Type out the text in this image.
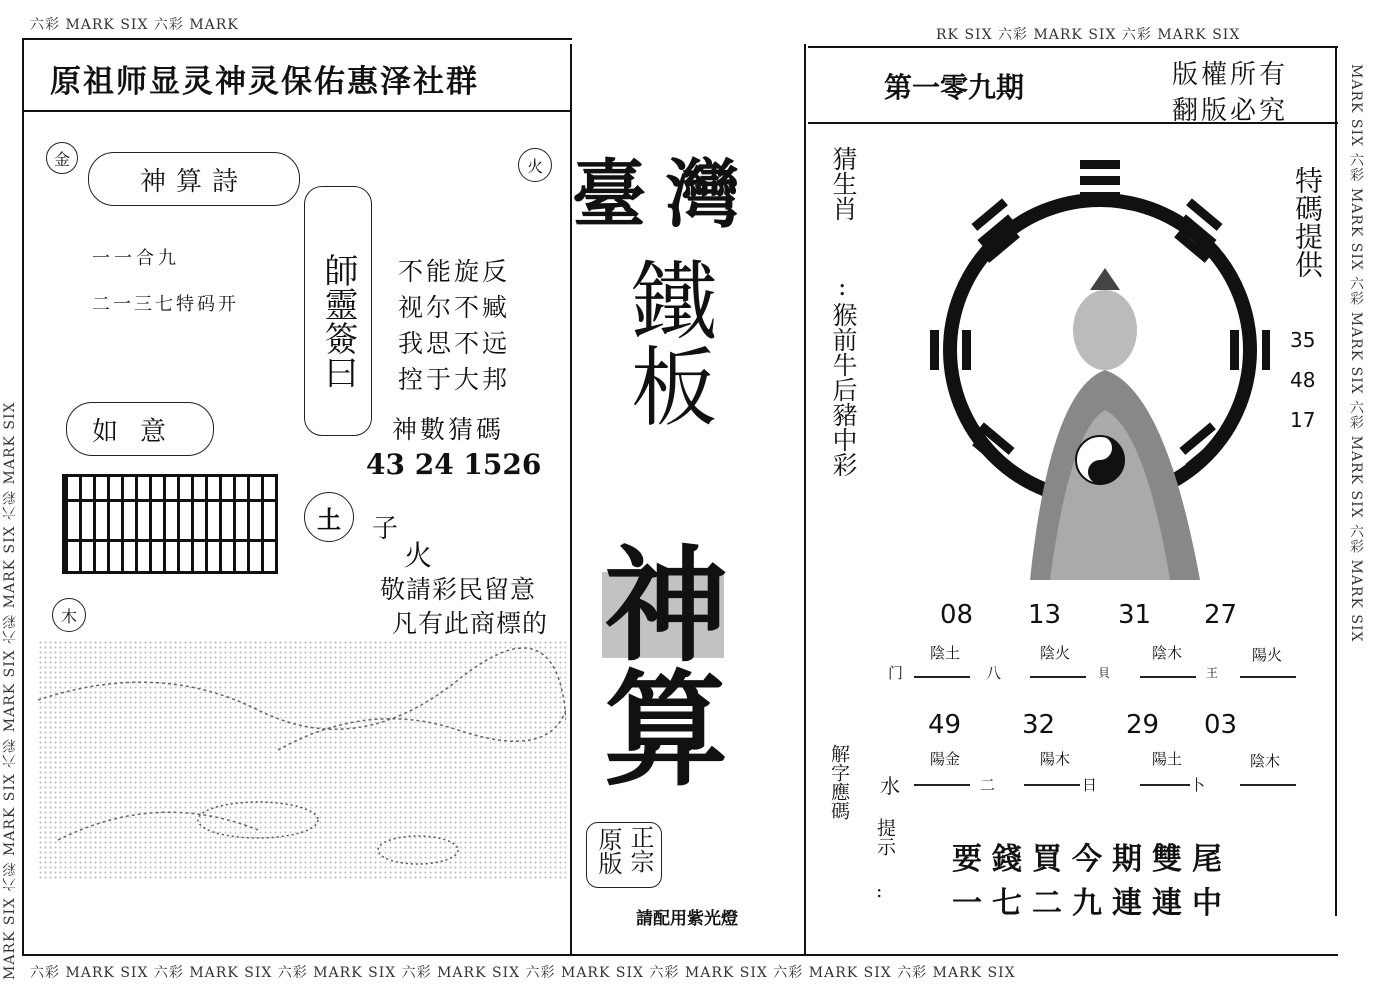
六彩 MARK SIX 六彩 MARK
RK SIX 六彩 MARK SIX 六彩 MARK SIX
六彩 MARK SIX 六彩 MARK SIX 六彩 MARK SIX 六彩 MARK SIX 六彩 MARK SIX 六彩 MARK SIX 六彩 MARK SIX 六彩 MARK SIX
MARK SIX 六彩 MARK SIX 六彩 MARK SIX 六彩 MARK SIX 六彩 MARK SIX
MARK SIX 六彩 MARK SIX 六彩 MARK SIX 六彩 MARK SIX 六彩 MARK SIX
原祖师显灵神灵保佑惠泽社群
金	火
木
土
神算詩
一一合九
二一三七特码开 師靈簽曰 不能旋反
视尔不臧
我思不远
控于大邦
如意	神數猜碼
43 24 1526
子
火
敬請彩民留意
凡有此商標的
臺灣
鐵板
神算
正宗
原版
請配用紫光燈
第一零九期	版權所有
翻版必究
猜生肖
:
猴前牛后豬中彩
特碼提供
35
48
17
08 13 31 27
陰土	陰火	陰木	陽火
门	八	貝	王
49 32	29 03
陽金	陽木	陽土	陰木
水	二	日	卜
解字應碼
提示
:
要錢買今期雙尾
一七二九連連中
